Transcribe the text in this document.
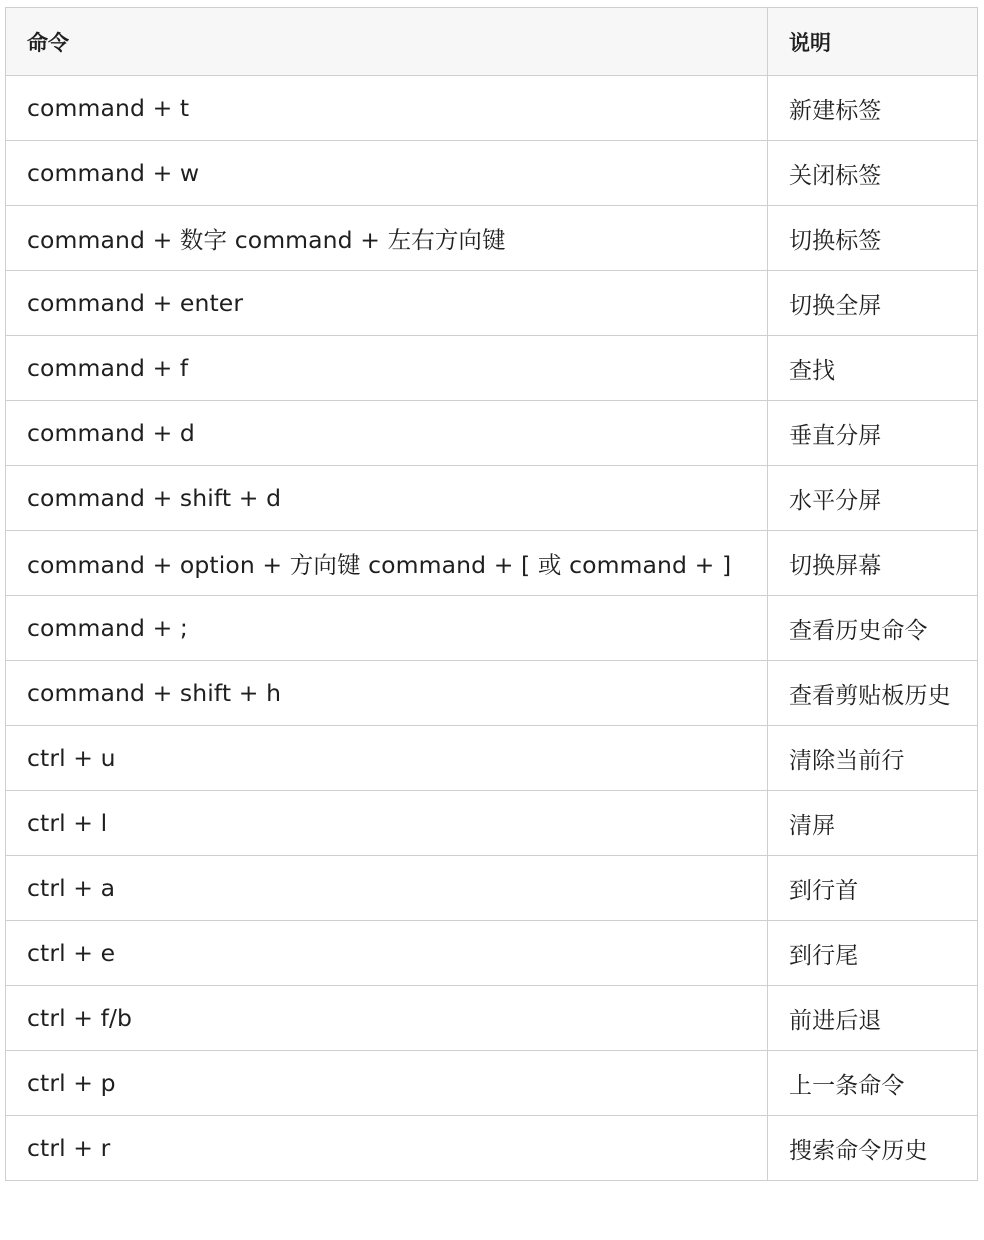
命令	说明
command + t	新建标签
command + w	关闭标签
command + 数字 command + 左右方向键	切换标签
command + enter	切换全屏
command + f	查找
command + d	垂直分屏
command + shift + d	水平分屏
command + option + 方向键 command + [ 或 command + ]	切换屏幕
command + ;	查看历史命令
command + shift + h	查看剪贴板历史
ctrl + u	清除当前行
ctrl + l	清屏
ctrl + a	到行首
ctrl + e	到行尾
ctrl + f/b	前进后退
ctrl + p	上一条命令
ctrl + r	搜索命令历史
